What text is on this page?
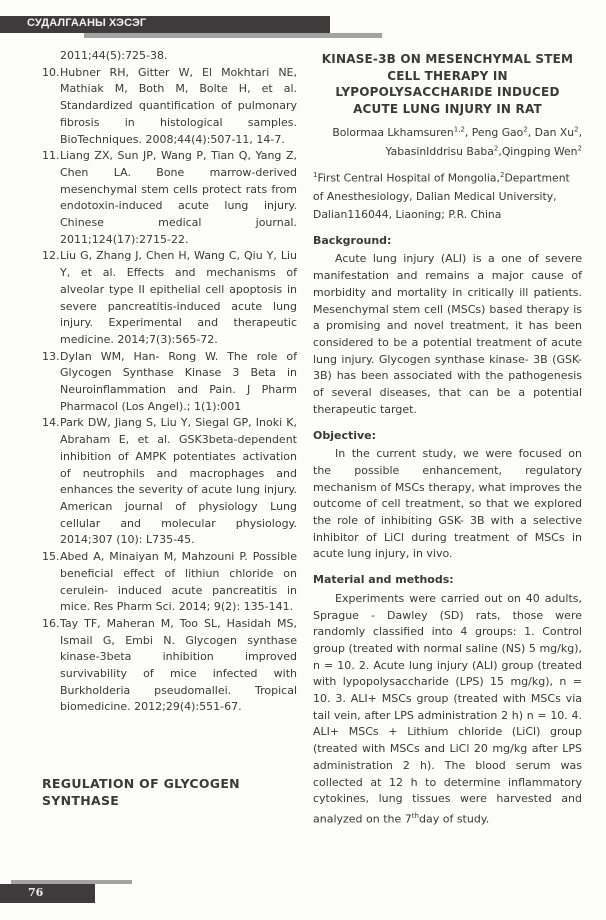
СУДАЛГААНЫ ХЭСЭГ
2011;44(5):725-38.
10. Hubner RH, Gitter W, El Mokhtari NE, Mathiak M, Both M, Bolte H, et al. Standardized quantification of pulmonary fibrosis in histological samples. BioTechniques. 2008;44(4):507-11, 14-7.
11. Liang ZX, Sun JP, Wang P, Tian Q, Yang Z, Chen LA. Bone marrow-derived mesenchymal stem cells protect rats from endotoxin-induced acute lung injury. Chinese medical journal. 2011;124(17):2715-22.
12. Liu G, Zhang J, Chen H, Wang C, Qiu Y, Liu Y, et al. Effects and mechanisms of alveolar type II epithelial cell apoptosis in severe pancreatitis-induced acute lung injury. Experimental and therapeutic medicine. 2014;7(3):565-72.
13. Dylan WM, Han- Rong W. The role of Glycogen Synthase Kinase 3 Beta in Neuroinflammation and Pain. J Pharm Pharmacol (Los Angel).; 1(1):001
14. Park DW, Jiang S, Liu Y, Siegal GP, Inoki K, Abraham E, et al. GSK3beta-dependent inhibition of AMPK potentiates activation of neutrophils and macrophages and enhances the severity of acute lung injury. American journal of physiology Lung cellular and molecular physiology. 2014;307 (10): L735-45.
15. Abed A, Minaiyan M, Mahzouni P. Possible beneficial effect of lithiun chloride on cerulein- induced acute pancreatitis in mice. Res Pharm Sci. 2014; 9(2): 135-141.
16. Tay TF, Maheran M, Too SL, Hasidah MS, Ismail G, Embi N. Glycogen synthase kinase-3beta inhibition improved survivability of mice infected with Burkholderia pseudomallei. Tropical biomedicine. 2012;29(4):551-67.
REGULATION OF GLYCOGEN SYNTHASE
KINASE-3B ON MESENCHYMAL STEM CELL THERAPY IN LYPOPOLYSACCHARIDE INDUCED ACUTE LUNG INJURY IN RAT
Bolormaa Lkhamsuren$^{1,2}$, Peng Gao$^2$, Dan Xu$^2$,
YabasinIddrisu Baba$^2$,Qingping Wen$^2$
$^1$First Central Hospital of Mongolia,$^2$Department of Anesthesiology, Dalian Medical University, Dalian116044, Liaoning; P.R. China
Background:
Acute lung injury (ALI) is a one of severe manifestation and remains a major cause of morbidity and mortality in critically ill patients. Mesenchymal stem cell (MSCs) based therapy is a promising and novel treatment, it has been considered to be a potential treatment of acute lung injury. Glycogen synthase kinase- 3B (GSK-3B) has been associated with the pathogenesis of several diseases, that can be a potential therapeutic target.
Objective:
In the current study, we were focused on the possible enhancement, regulatory mechanism of MSCs therapy, what improves the outcome of cell treatment, so that we explored the role of inhibiting GSK- 3B with a selective inhibitor of LiCl during treatment of MSCs in acute lung injury, in vivo.
Material and methods:
Experiments were carried out on 40 adults, Sprague - Dawley (SD) rats, those were randomly classified into 4 groups: 1. Control group (treated with normal saline (NS) 5 mg/kg), n = 10. 2. Acute lung injury (ALI) group (treated with lypopolysaccharide (LPS) 15 mg/kg), n = 10. 3. ALI+ MSCs group (treated with MSCs via tail vein, after LPS administration 2 h) n = 10. 4. ALI+ MSCs + Lithium chloride (LiCl) group (treated with MSCs and LiCl 20 mg/kg after LPS administration 2 h). The blood serum was collected at 12 h to determine inflammatory cytokines, lung tissues were harvested and analyzed on the 7thday of study.
76
